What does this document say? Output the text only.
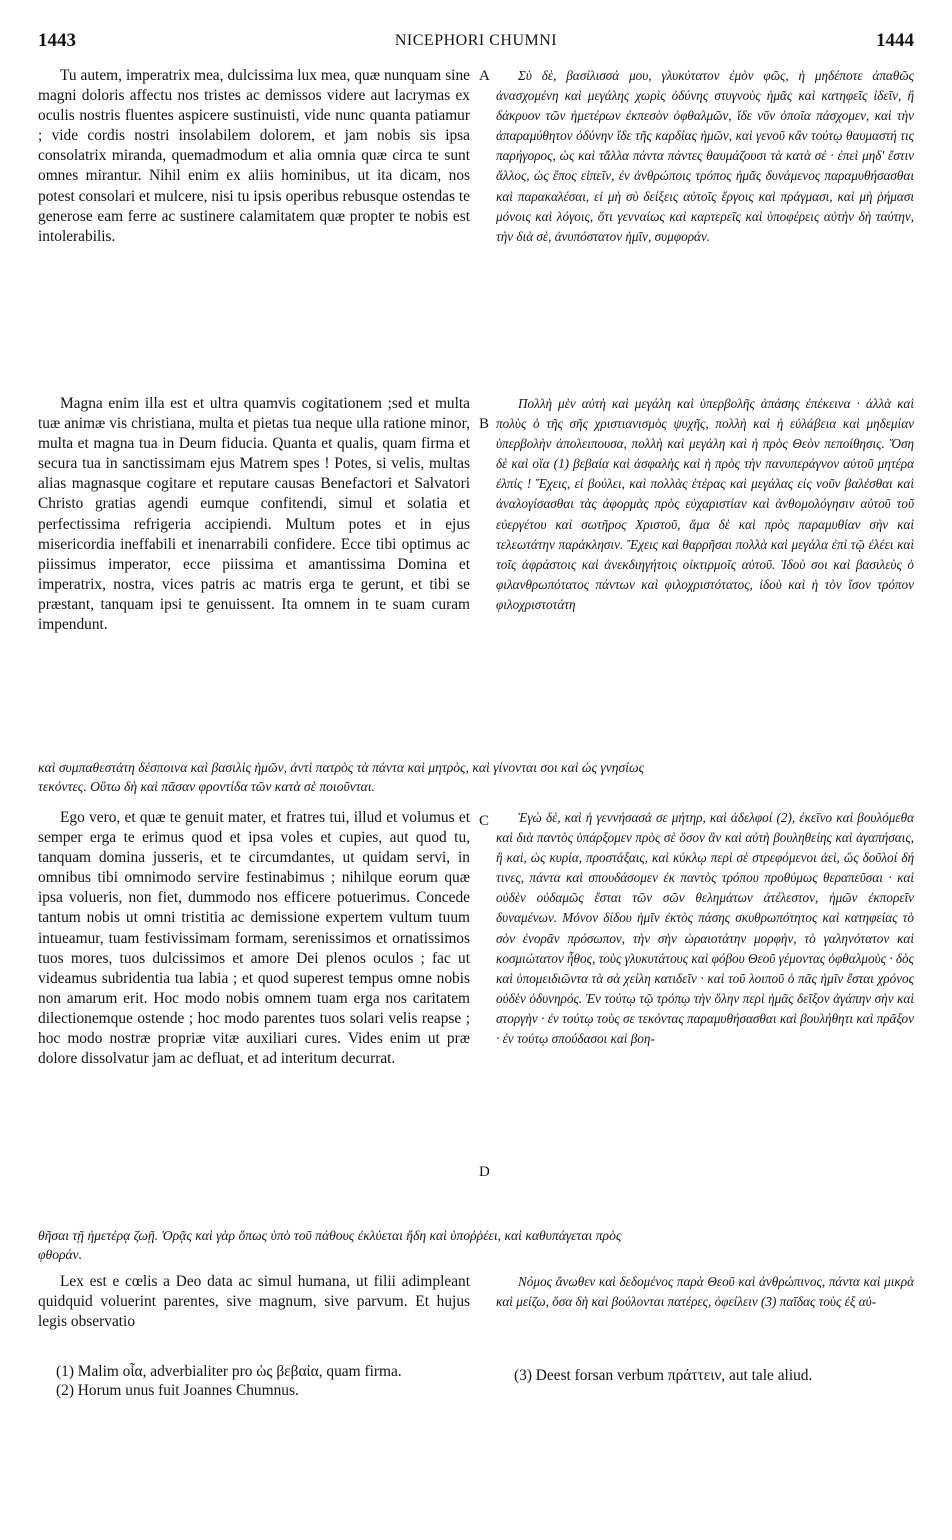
1443	NICEPHORI CHUMNI	1444
A
B
C
D
Tu autem, imperatrix mea, dulcissima lux mea, quæ nunquam sine magni doloris affectu nos tristes ac demissos videre aut lacrymas ex oculis nostris fluentes aspicere sustinuisti, vide nunc quanta patiamur ; vide cordis nostri insolabilem dolorem, et jam nobis sis ipsa consolatrix miranda, quemadmodum et alia omnia quæ circa te sunt omnes mirantur. Nihil enim ex aliis hominibus, ut ita dicam, nos potest consolari et mulcere, nisi tu ipsis operibus rebusque ostendas te generose eam ferre ac sustinere calamitatem quæ propter te nobis est intolerabilis.
Σὺ δὲ, βασίλισσά μου, γλυκύτατον ἐμὸν φῶς, ἡ μηδέποτε ἀπαθῶς ἀνασχομένη καὶ μεγάλης χωρὶς ὀδύνης στυγνοὺς ἡμᾶς καὶ κατηφεῖς ἰδεῖν, ἢ δάκρυον τῶν ἡμετέρων ἐκπεσὸν ὀφθαλμῶν, ἴδε νῦν ὁποῖα πάσχομεν, καὶ τὴν ἀπαραμύθητον ὀδύνην ἴδε τῆς καρδίας ἡμῶν, καὶ γενοῦ κἂν τούτῳ θαυμαστή τις παρήγορος, ὡς καὶ τἄλλα πάντα πάντες θαυμάζουσι τὰ κατὰ σέ · ἐπεὶ μηδ' ἔστιν ἄλλος, ὡς ἔπος εἰπεῖν, ἐν ἀνθρώποις τρόπος ἡμᾶς δυνάμενος παραμυθήσασθαι καὶ παρακαλέσαι, εἰ μὴ σὺ δείξεις αὐτοῖς ἔργοις καὶ πράγμασι, καὶ μὴ ῥήμασι μόνοις καὶ λόγοις, ὅτι γενναίως καὶ καρτερεῖς καὶ ὑποφέρεις αὐτὴν δὴ ταύτην, τὴν διὰ σὲ, ἀνυπόστατον ἡμῖν, συμφοράν.
Magna enim illa est et ultra quamvis cogitationem ;sed et multa tuæ animæ vis christiana, multa et pietas tua neque ulla ratione minor, multa et magna tua in Deum fiducia. Quanta et qualis, quam firma et secura tua in sanctissimam ejus Matrem spes ! Potes, si velis, multas alias magnasque cogitare et reputare causas Benefactori et Salvatori Christo gratias agendi eumque confitendi, simul et solatia et perfectissima refrigeria accipiendi. Multum potes et in ejus misericordia ineffabili et inenarrabili confidere. Ecce tibi optimus ac piissimus imperator, ecce piissima et amantissima Domina et imperatrix, nostra, vices patris ac matris erga te gerunt, et tibi se præstant, tanquam ipsi te genuissent. Ita omnem in te suam curam impendunt.
Πολλὴ μὲν αὐτὴ καὶ μεγάλη καὶ ὑπερβολῆς ἁπάσης ἐπέκεινα · ἀλλὰ καὶ πολὺς ὁ τῆς σῆς χριστιανισμὸς ψυχῆς, πολλὴ καὶ ἡ εὐλάβεια καὶ μηδεμίαν ὑπερβολὴν ἀπολειπουσα, πολλὴ καὶ μεγάλη καὶ ἡ πρὸς Θεὸν πεποίθησις. Ὅση δὲ καὶ οἵα (1) βεβαία καὶ ἀσφαλὴς καὶ ἡ πρὸς τὴν πανυπεράγνον αὐτοῦ μητέρα ἐλπίς ! Ἔχεις, εἰ βούλει, καὶ πολλὰς ἑτέρας καὶ μεγάλας εἰς νοῦν βαλέσθαι καὶ ἀναλογίσασθαι τὰς ἀφορμὰς πρὸς εὐχαριστίαν καὶ ἀνθομολόγησιν αὐτοῦ τοῦ εὐεργέτου καὶ σωτῆρος Χριστοῦ, ἅμα δὲ καὶ πρὸς παραμυθίαν σὴν καὶ τελεωτάτην παράκλησιν. Ἔχεις καὶ θαρρῆσαι πολλὰ καὶ μεγάλα ἐπὶ τῷ ἐλέει καὶ τοῖς ἀφράστοις καὶ ἀνεκδιηγήτοις οἰκτιρμοῖς αὐτοῦ. Ἰδοὺ σοι καὶ βασιλεὺς ὁ φιλανθρωπότατος πάντων καὶ φιλοχριστότατος, ἰδοὺ καὶ ἡ τὸν ἴσον τρόπον φιλοχριστοτάτη
καὶ συμπαθεστάτη δέσποινα καὶ βασιλὶς ἡμῶν, ἀντὶ πατρὸς τὰ πάντα καὶ μητρὸς, καὶ γίνονται σοι καὶ ὡς γνησίως
τεκόντες. Οὕτω δὴ καὶ πᾶσαν φροντίδα τῶν κατὰ σὲ ποιοῦνται.
Ego vero, et quæ te genuit mater, et fratres tui, illud et volumus et semper erga te erimus quod et ipsa voles et cupies, aut quod tu, tanquam domina jusseris, et te circumdantes, ut quidam servi, in omnibus tibi omnimodo servire festinabimus ; nihilque eorum quæ ipsa volueris, non fiet, dummodo nos efficere potuerimus. Concede tantum nobis ut omni tristitia ac demissione expertem vultum tuum intueamur, tuam festivissimam formam, serenissimos et ornatissimos tuos mores, tuos dulcissimos et amore Dei plenos oculos ; fac ut videamus subridentia tua labia ; et quod superest tempus omne nobis non amarum erit. Hoc modo nobis omnem tuam erga nos caritatem dilectionemque ostende ; hoc modo parentes tuos solari velis reapse ; hoc modo nostræ propriæ vitæ auxiliari cures. Vides enim ut præ dolore dissolvatur jam ac defluat, et ad interitum decurrat.
Ἐγὼ δὲ, καὶ ἡ γεννήσασά σε μήτηρ, καὶ ἀδελφοί (2), ἐκεῖνο καὶ βουλόμεθα καὶ διὰ παντὸς ὑπάρξομεν πρὸς σὲ ὅσον ἂν καὶ αὐτὴ βουληθείης καὶ ἀγαπήσαις, ἢ καὶ, ὡς κυρία, προστάξαις, καὶ κύκλῳ περὶ σὲ στρεφόμενοι ἀεὶ, ὥς δοῦλοί δή τινες, πάντα καὶ σπουδάσομεν ἐκ παντὸς τρόπου προθύμως θεραπεῦσαι · καὶ οὐδὲν οὐδαμῶς ἔσται τῶν σῶν θελημάτων ἀτέλεστον, ἡμῶν ἐκπορεῖν δυναμένων. Μόνον δίδου ἡμῖν ἐκτὸς πάσης σκυθρωπότητος καὶ κατηφείας τὸ σὸν ἐνορᾶν πρόσωπον, τὴν σὴν ὡραιοτάτην μορφὴν, τὸ γαληνότατον καὶ κοσμιώτατον ἦθος, τοὺς γλυκυτάτους καὶ φόβου Θεοῦ γέμοντας ὀφθαλμοὺς · δὸς καὶ ὑπομειδιῶντα τὰ σὰ χείλη κατιδεῖν · καὶ τοῦ λοιποῦ ὁ πᾶς ἡμῖν ἔσται χρόνος οὐδὲν ὀδυνηρός. Ἐν τούτῳ τῷ τρόπῳ τὴν ὅλην περὶ ἡμᾶς δεῖξον ἀγάπην σὴν καὶ στοργὴν · ἐν τούτῳ τοὺς σε τεκόντας παραμυθήσασθαι καὶ βουλήθητι καὶ πρᾶξον · ἐν τούτῳ σπούδασοι καὶ βοη-
θῆσαι τῇ ἡμετέρᾳ ζωῇ. Ὁρᾷς καὶ γὰρ ὅπως ὑπὸ τοῦ πάθους ἐκλύεται ἤδη καὶ ὑποῤῥέει, καὶ καθυπάγεται πρὸς
φθοράν.
Lex est e cœlis a Deo data ac simul humana, ut filii adimpleant quidquid voluerint parentes, sive magnum, sive parvum. Et hujus legis observatio
Νόμος ἄνωθεν καὶ δεδομένος παρὰ Θεοῦ καὶ ἀνθρώπινος, πάντα καὶ μικρὰ καὶ μείζω, ὅσα δὴ καὶ βούλονται πατέρες, ὀφείλειν (3) παῖδας τοὺς ἐξ αὐ-

(1) Malim οἷα, adverbialiter pro ὡς βεβαία, quam firma.

(2) Horum unus fuit Joannes Chumnus.

(3) Deest forsan verbum πράττειν, aut tale aliud.
